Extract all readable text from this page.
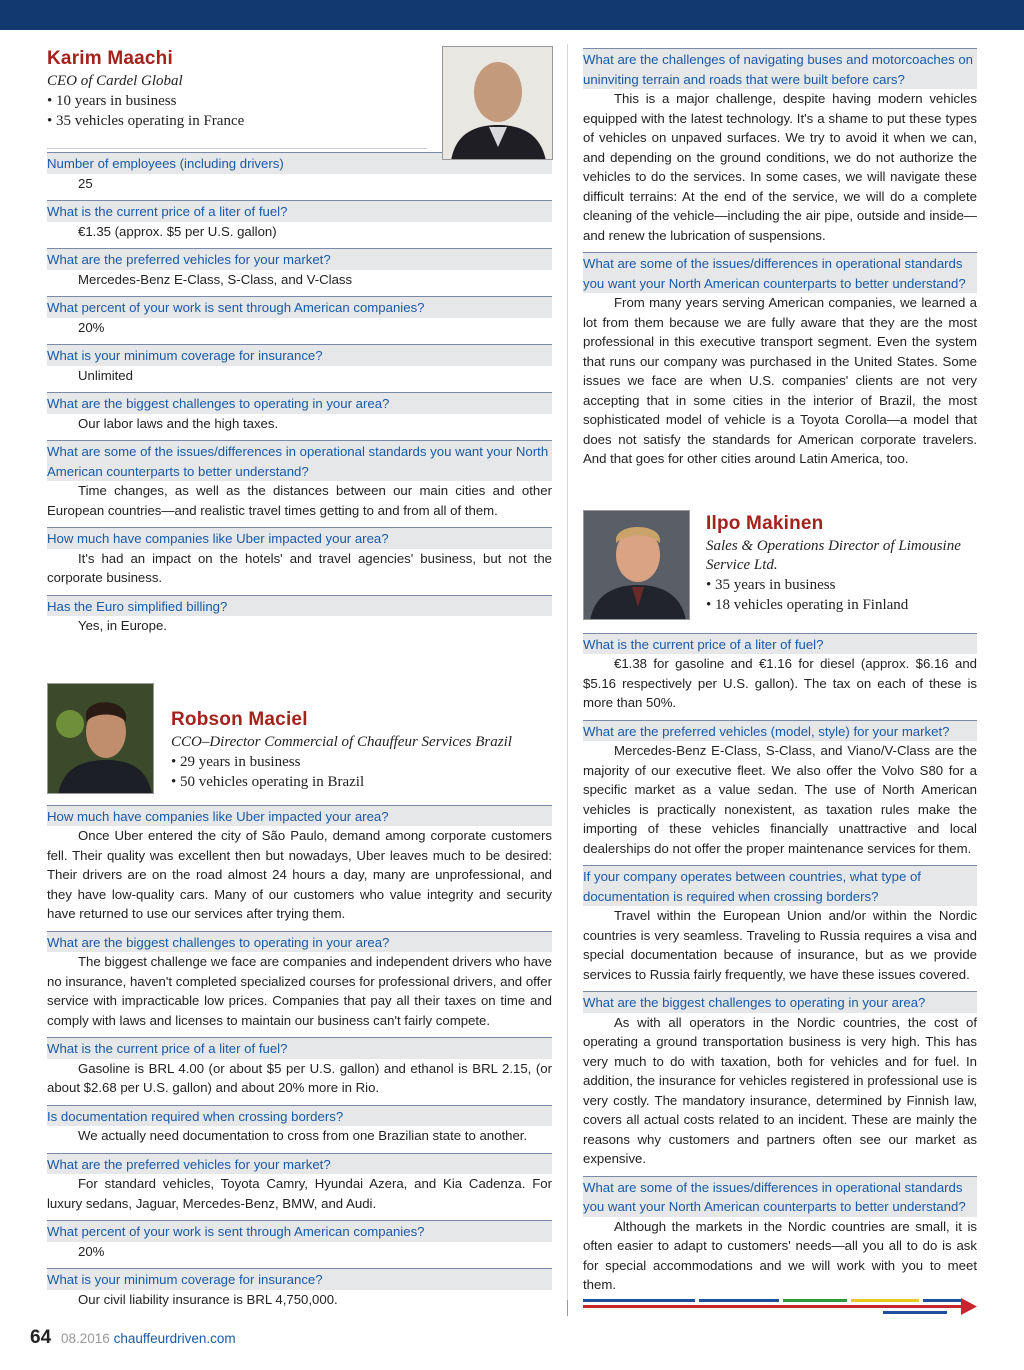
Karim Maachi
CEO of Cardel Global
• 10 years in business
• 35 vehicles operating in France
Number of employees (including drivers)
25
What is the current price of a liter of fuel?
€1.35 (approx. $5 per U.S. gallon)
What are the preferred vehicles for your market?
Mercedes-Benz E-Class, S-Class, and V-Class
What percent of your work is sent through American companies?
20%
What is your minimum coverage for insurance?
Unlimited
What are the biggest challenges to operating in your area?
Our labor laws and the high taxes.
What are some of the issues/differences in operational standards you want your North American counterparts to better understand?
Time changes, as well as the distances between our main cities and other European countries—and realistic travel times getting to and from all of them.
How much have companies like Uber impacted your area?
It's had an impact on the hotels' and travel agencies' business, but not the corporate business.
Has the Euro simplified billing?
Yes, in Europe.
Robson Maciel
CCO–Director Commercial of Chauffeur Services Brazil
• 29 years in business
• 50 vehicles operating in Brazil
How much have companies like Uber impacted your area?
Once Uber entered the city of São Paulo, demand among corporate customers fell. Their quality was excellent then but nowadays, Uber leaves much to be desired: Their drivers are on the road almost 24 hours a day, many are unprofessional, and they have low-quality cars. Many of our customers who value integrity and security have returned to use our services after trying them.
What are the biggest challenges to operating in your area?
The biggest challenge we face are companies and independent drivers who have no insurance, haven't completed specialized courses for professional drivers, and offer service with impracticable low prices. Companies that pay all their taxes on time and comply with laws and licenses to maintain our business can't fairly compete.
What is the current price of a liter of fuel?
Gasoline is BRL 4.00 (or about $5 per U.S. gallon) and ethanol is BRL 2.15, (or about $2.68 per U.S. gallon) and about 20% more in Rio.
Is documentation required when crossing borders?
We actually need documentation to cross from one Brazilian state to another.
What are the preferred vehicles for your market?
For standard vehicles, Toyota Camry, Hyundai Azera, and Kia Cadenza. For luxury sedans, Jaguar, Mercedes-Benz, BMW, and Audi.
What percent of your work is sent through American companies?
20%
What is your minimum coverage for insurance?
Our civil liability insurance is BRL 4,750,000.
What are the challenges of navigating buses and motorcoaches on uninviting terrain and roads that were built before cars?
This is a major challenge, despite having modern vehicles equipped with the latest technology. It's a shame to put these types of vehicles on unpaved surfaces. We try to avoid it when we can, and depending on the ground conditions, we do not authorize the vehicles to do the services. In some cases, we will navigate these difficult terrains: At the end of the service, we will do a complete cleaning of the vehicle—including the air pipe, outside and inside—and renew the lubrication of suspensions.
What are some of the issues/differences in operational standards you want your North American counterparts to better understand?
From many years serving American companies, we learned a lot from them because we are fully aware that they are the most professional in this executive transport segment. Even the system that runs our company was purchased in the United States. Some issues we face are when U.S. companies' clients are not very accepting that in some cities in the interior of Brazil, the most sophisticated model of vehicle is a Toyota Corolla—a model that does not satisfy the standards for American corporate travelers. And that goes for other cities around Latin America, too.
Ilpo Makinen
Sales & Operations Director of Limousine Service Ltd.
• 35 years in business
• 18 vehicles operating in Finland
What is the current price of a liter of fuel?
€1.38 for gasoline and €1.16 for diesel (approx. $6.16 and $5.16 respectively per U.S. gallon). The tax on each of these is more than 50%.
What are the preferred vehicles (model, style) for your market?
Mercedes-Benz E-Class, S-Class, and Viano/V-Class are the majority of our executive fleet. We also offer the Volvo S80 for a specific market as a value sedan. The use of North American vehicles is practically nonexistent, as taxation rules make the importing of these vehicles financially unattractive and local dealerships do not offer the proper maintenance services for them.
If your company operates between countries, what type of documentation is required when crossing borders?
Travel within the European Union and/or within the Nordic countries is very seamless. Traveling to Russia requires a visa and special documentation because of insurance, but as we provide services to Russia fairly frequently, we have these issues covered.
What are the biggest challenges to operating in your area?
As with all operators in the Nordic countries, the cost of operating a ground transportation business is very high. This has very much to do with taxation, both for vehicles and for fuel. In addition, the insurance for vehicles registered in professional use is very costly. The mandatory insurance, determined by Finnish law, covers all actual costs related to an incident. These are mainly the reasons why customers and partners often see our market as expensive.
What are some of the issues/differences in operational standards you want your North American counterparts to better understand?
Although the markets in the Nordic countries are small, it is often easier to adapt to customers' needs—all you all to do is ask for special accommodations and we will work with you to meet them.
64 08.2016 chauffeurdriven.com
